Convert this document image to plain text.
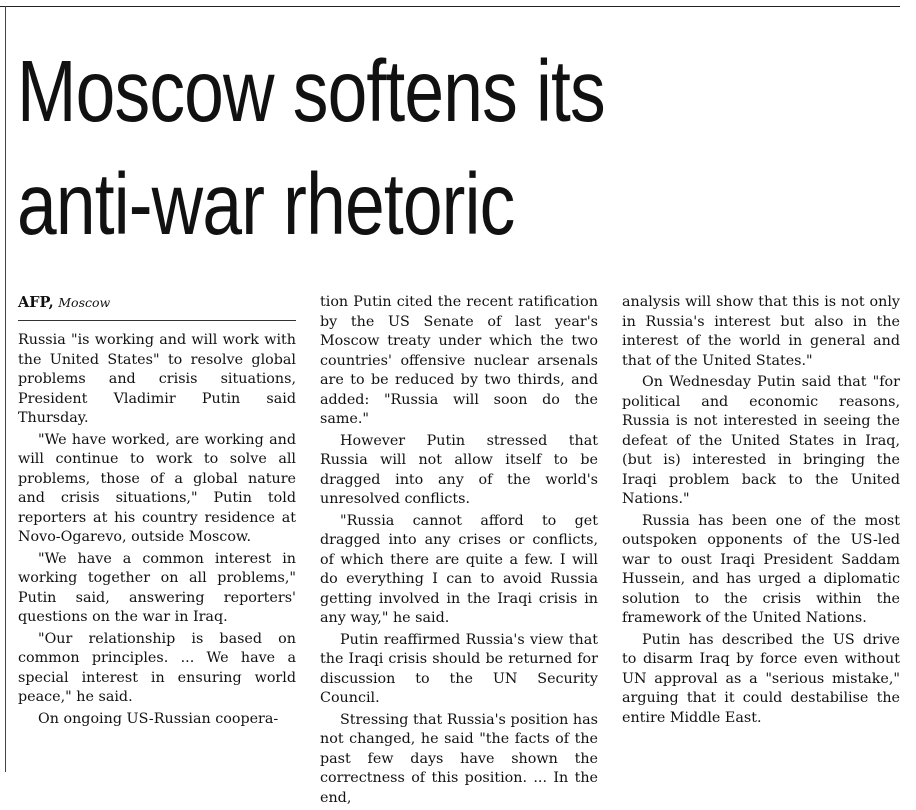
Moscow softens its
anti-war rhetoric
AFP, Moscow

Russia "is working and will work with the United States" to resolve global problems and crisis situations, President Vladimir Putin said Thursday.

"We have worked, are working and will continue to work to solve all problems, those of a global nature and crisis situations," Putin told reporters at his country residence at Novo-Ogarevo, outside Moscow.

"We have a common interest in working together on all problems," Putin said, answering reporters' questions on the war in Iraq.

"Our relationship is based on common principles. ... We have a special interest in ensuring world peace," he said.

On ongoing US-Russian coopera-

tion Putin cited the recent ratification by the US Senate of last year's Moscow treaty under which the two countries' offensive nuclear arsenals are to be reduced by two thirds, and added: "Russia will soon do the same."

However Putin stressed that Russia will not allow itself to be dragged into any of the world's unresolved conflicts.

"Russia cannot afford to get dragged into any crises or conflicts, of which there are quite a few. I will do everything I can to avoid Russia getting involved in the Iraqi crisis in any way," he said.

Putin reaffirmed Russia's view that the Iraqi crisis should be returned for discussion to the UN Security Council.

Stressing that Russia's position has not changed, he said "the facts of the past few days have shown the correctness of this position. ... In the end,

analysis will show that this is not only in Russia's interest but also in the interest of the world in general and that of the United States."

On Wednesday Putin said that "for political and economic reasons, Russia is not interested in seeing the defeat of the United States in Iraq, (but is) interested in bringing the Iraqi problem back to the United Nations."

Russia has been one of the most outspoken opponents of the US-led war to oust Iraqi President Saddam Hussein, and has urged a diplomatic solution to the crisis within the framework of the United Nations.

Putin has described the US drive to disarm Iraq by force even without UN approval as a "serious mistake," arguing that it could destabilise the entire Middle East.
